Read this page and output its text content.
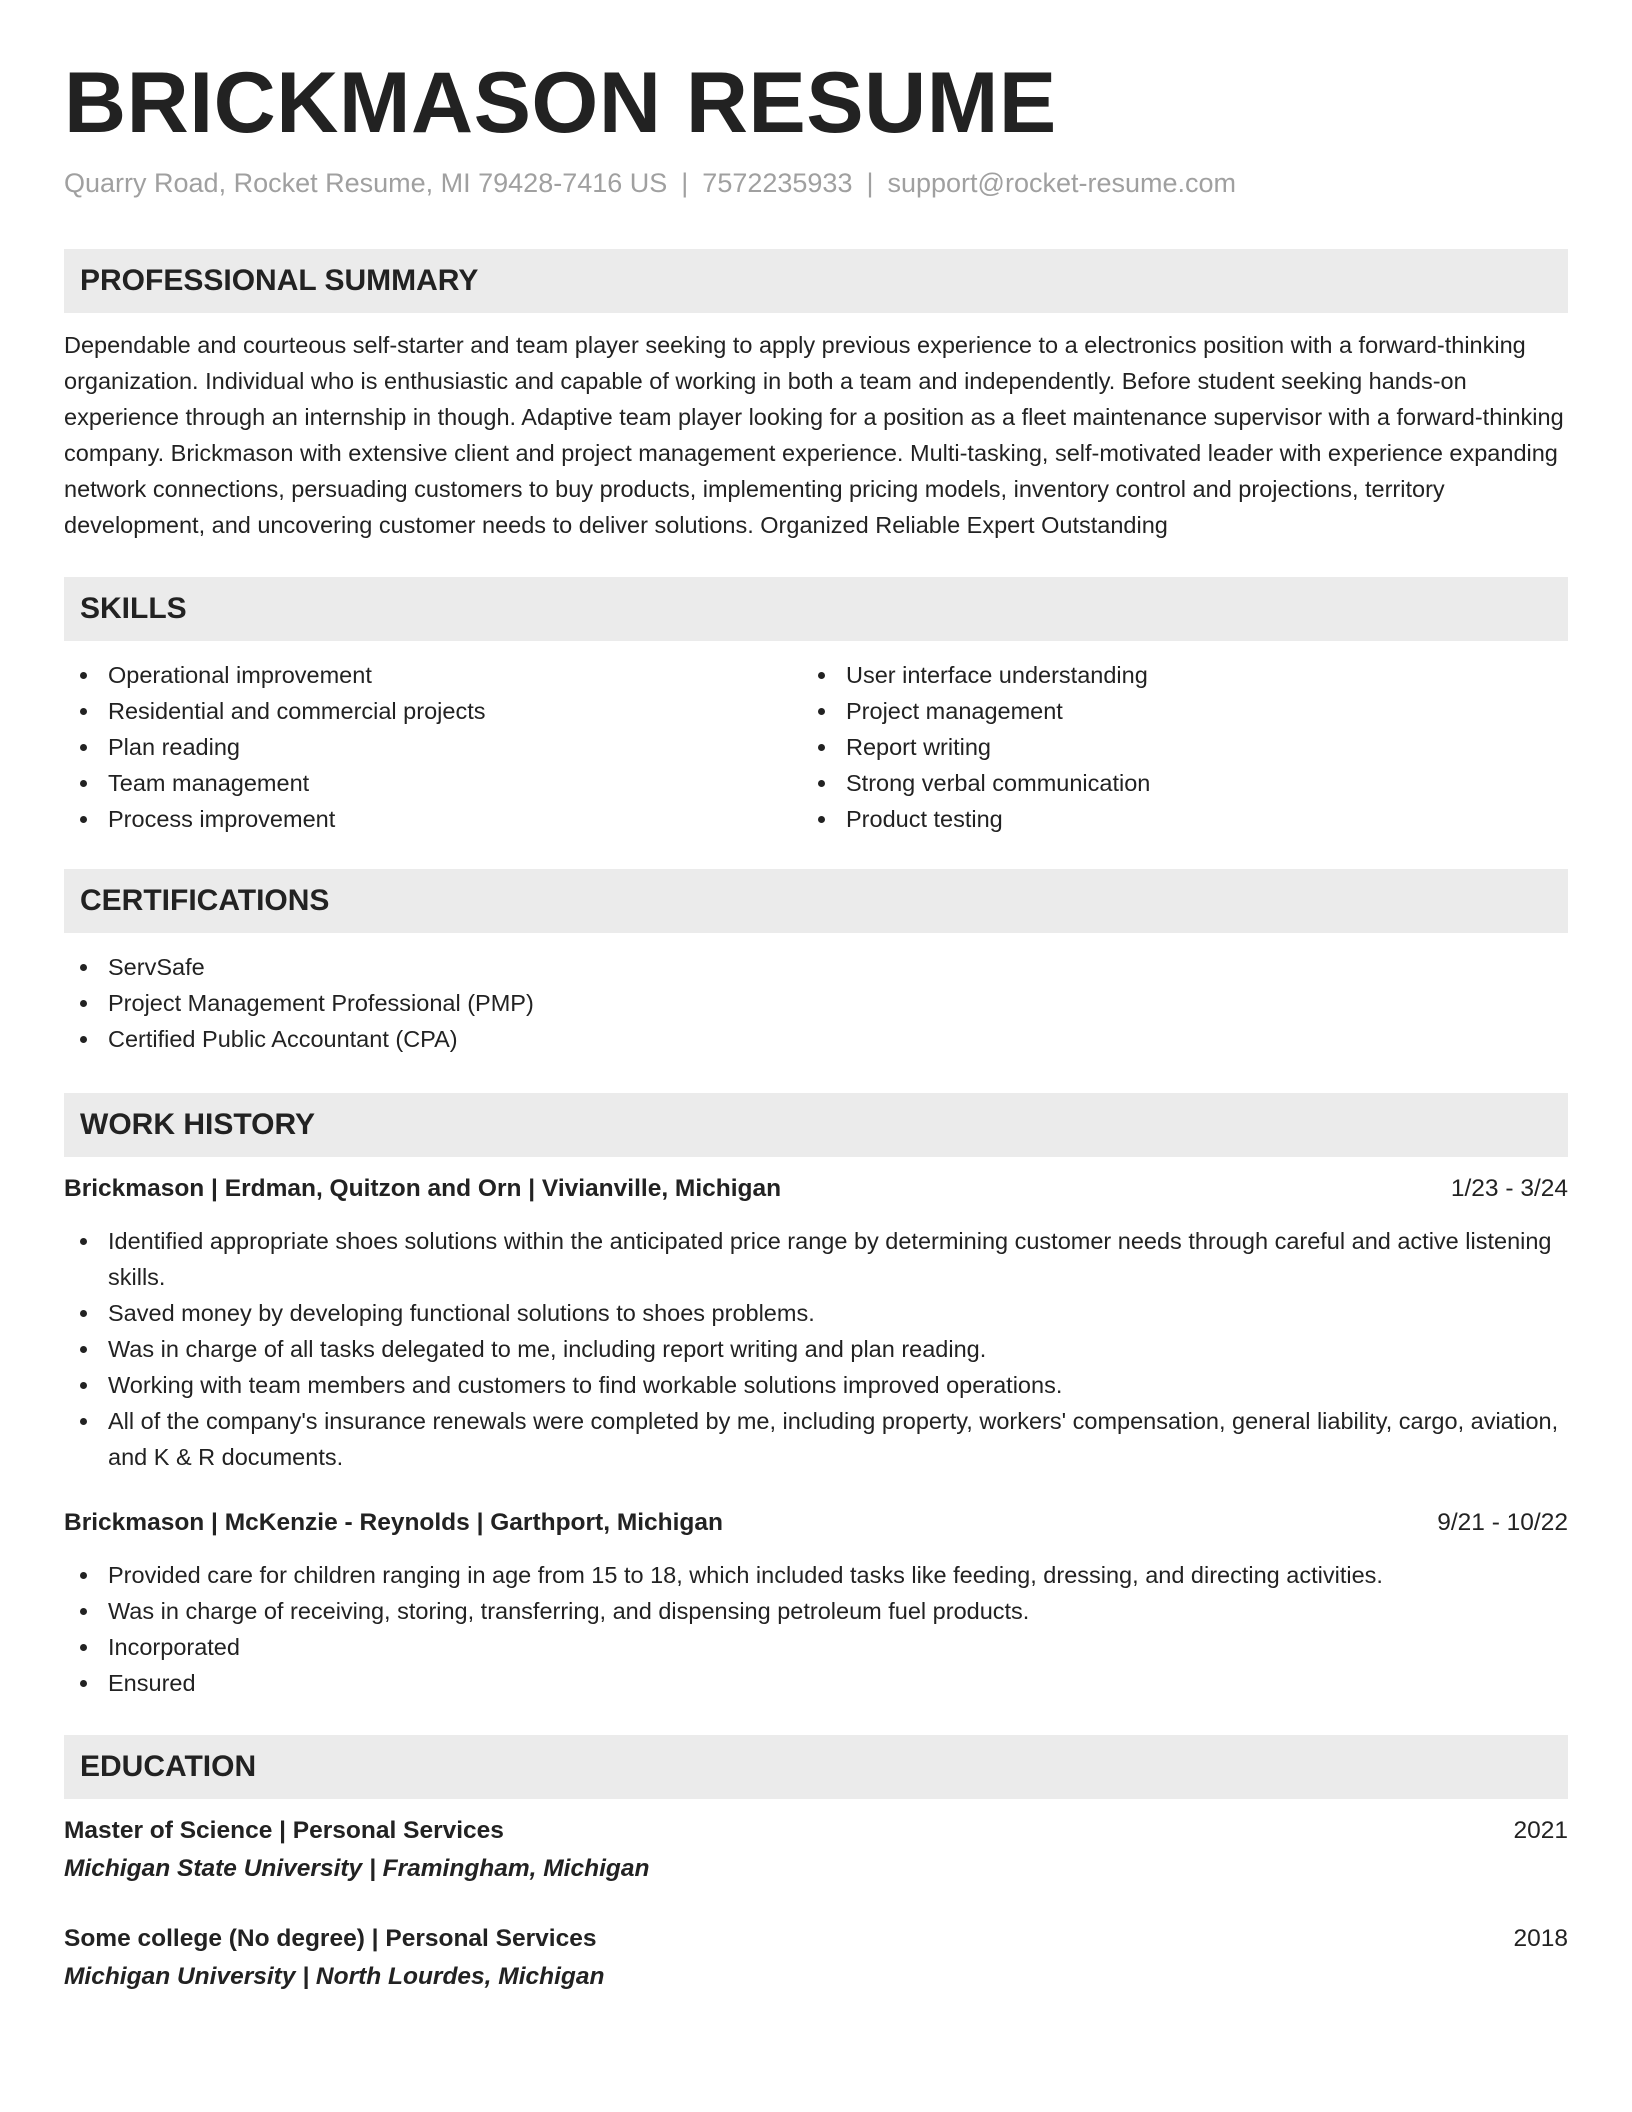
BRICKMASON RESUME
Quarry Road, Rocket Resume, MI 79428-7416 US | 7572235933 | support@rocket-resume.com
PROFESSIONAL SUMMARY

Dependable and courteous self-starter and team player seeking to apply previous experience to a electronics position with a forward-thinking organization. Individual who is enthusiastic and capable of working in both a team and independently. Before student seeking hands-on experience through an internship in though. Adaptive team player looking for a position as a fleet maintenance supervisor with a forward-thinking company. Brickmason with extensive client and project management experience. Multi-tasking, self-motivated leader with experience expanding network connections, persuading customers to buy products, implementing pricing models, inventory control and projections, territory development, and uncovering customer needs to deliver solutions. Organized Reliable Expert Outstanding

SKILLS
Operational improvement
Residential and commercial projects
Plan reading
Team management
Process improvement
User interface understanding
Project management
Report writing
Strong verbal communication
Product testing
CERTIFICATIONS
ServSafe
Project Management Professional (PMP)
Certified Public Accountant (CPA)
WORK HISTORY
Brickmason | Erdman, Quitzon and Orn | Vivianville, Michigan	1/23 - 3/24
Identified appropriate shoes solutions within the anticipated price range by determining customer needs through careful and active listening skills.
Saved money by developing functional solutions to shoes problems.
Was in charge of all tasks delegated to me, including report writing and plan reading.
Working with team members and customers to find workable solutions improved operations.
All of the company's insurance renewals were completed by me, including property, workers' compensation, general liability, cargo, aviation, and K & R documents.
Brickmason | McKenzie - Reynolds | Garthport, Michigan	9/21 - 10/22
Provided care for children ranging in age from 15 to 18, which included tasks like feeding, dressing, and directing activities.
Was in charge of receiving, storing, transferring, and dispensing petroleum fuel products.
Incorporated
Ensured
EDUCATION
Master of Science | Personal Services	2021
Michigan State University | Framingham, Michigan
Some college (No degree) | Personal Services	2018
Michigan University | North Lourdes, Michigan
